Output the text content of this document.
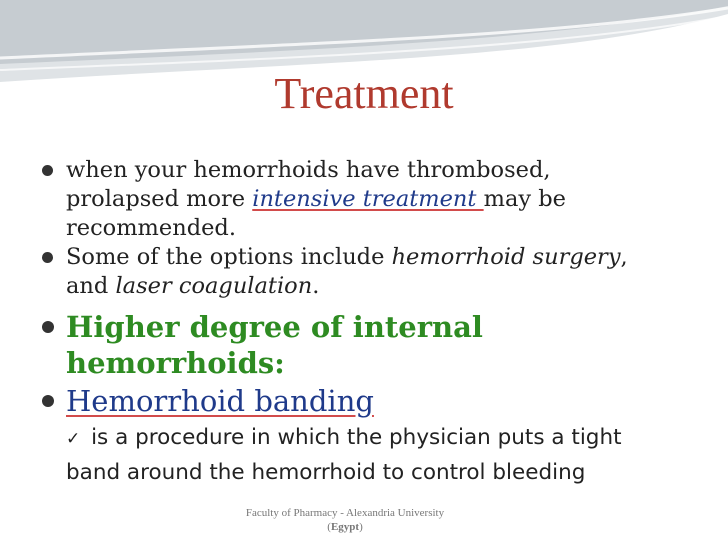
Treatment
when your hemorrhoids have thrombosed,
prolapsed more intensive treatment may be
recommended.
Some of the options include hemorrhoid surgery,
and laser coagulation.
Higher degree of internal hemorrhoids:
Hemorrhoid banding
✓ is a procedure in which the physician puts a tight
band around the hemorrhoid to control bleeding
Faculty of Pharmacy - Alexandria University
(Egypt)
